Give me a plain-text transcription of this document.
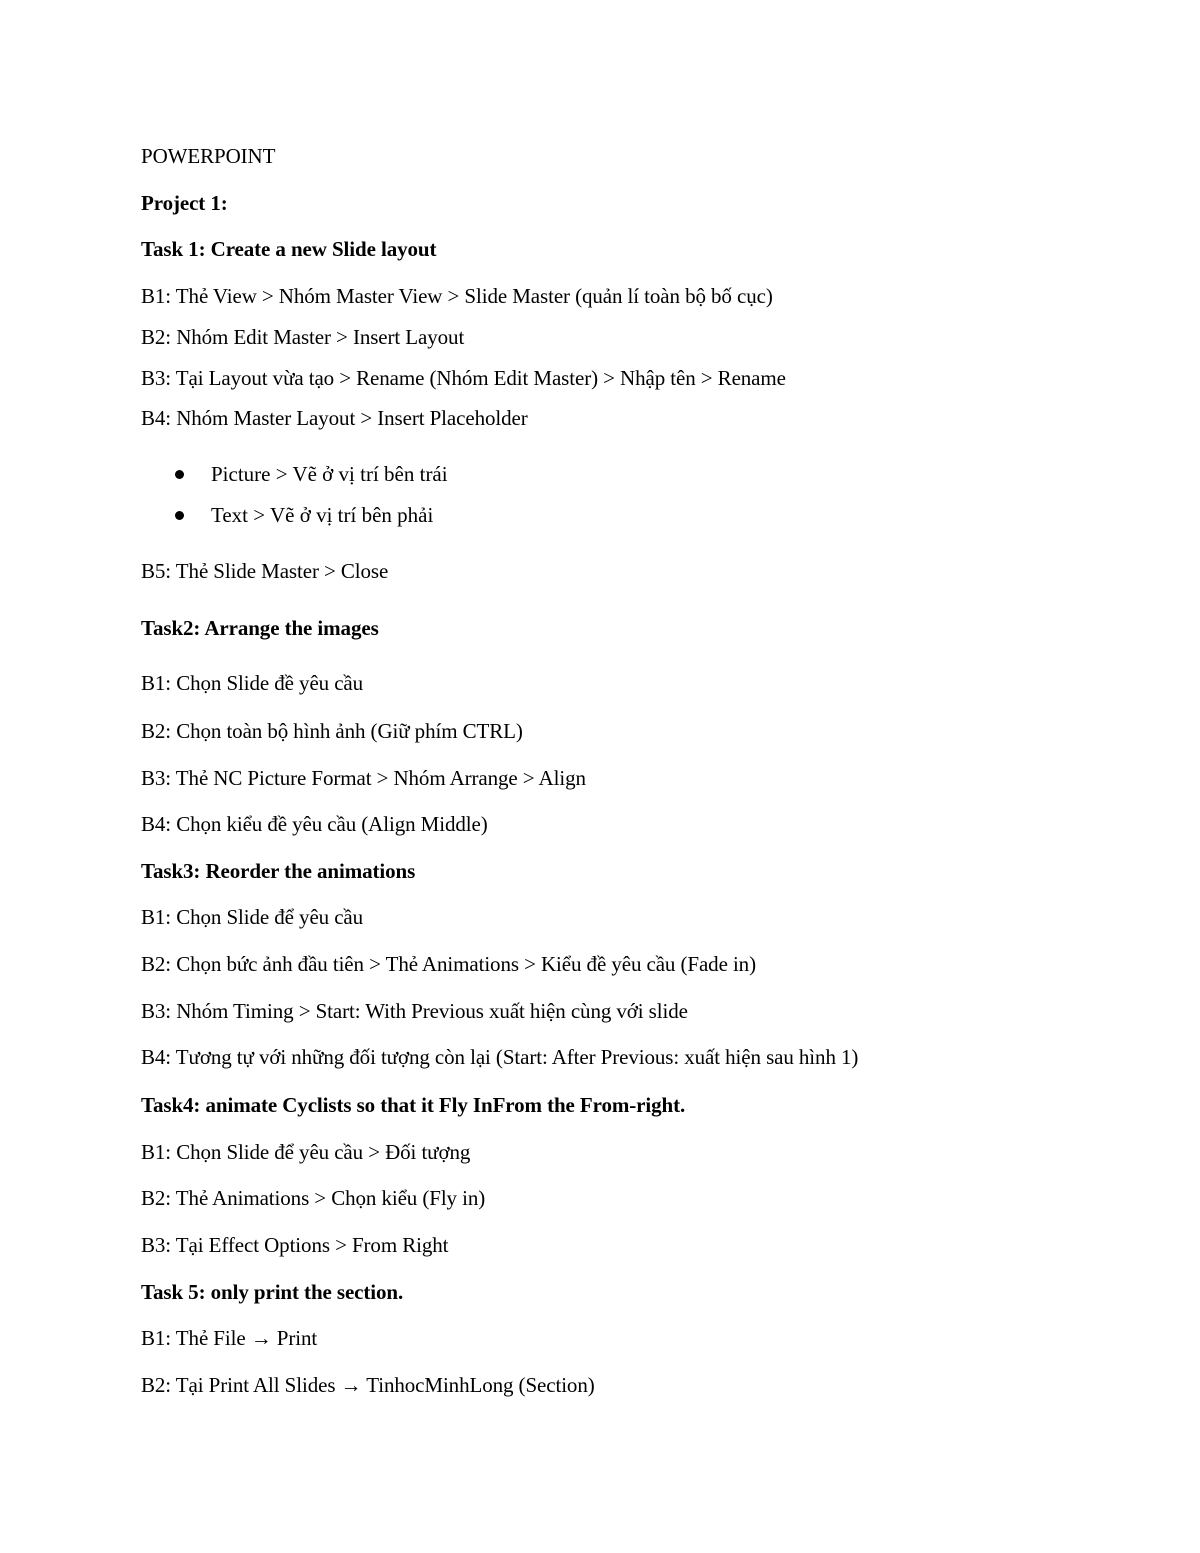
POWERPOINT
Project 1:
Task 1: Create a new Slide layout
B1: Thẻ View > Nhóm Master View > Slide Master (quản lí toàn bộ bố cục)
B2: Nhóm Edit Master > Insert Layout
B3: Tại Layout vừa tạo > Rename (Nhóm Edit Master) > Nhập tên > Rename
B4: Nhóm Master Layout > Insert Placeholder
Picture > Vẽ ở vị trí bên trái
Text > Vẽ ở vị trí bên phải
B5: Thẻ Slide Master > Close
Task2: Arrange the images
B1: Chọn Slide đề yêu cầu
B2: Chọn toàn bộ hình ảnh (Giữ phím CTRL)
B3: Thẻ NC Picture Format > Nhóm Arrange > Align
B4: Chọn kiểu đề yêu cầu (Align Middle)
Task3: Reorder the animations
B1: Chọn Slide để yêu cầu
B2: Chọn bức ảnh đầu tiên > Thẻ Animations > Kiểu đề yêu cầu (Fade in)
B3: Nhóm Timing > Start: With Previous xuất hiện cùng với slide
B4: Tương tự với những đối tượng còn lại (Start: After Previous: xuất hiện sau hình 1)
Task4: animate Cyclists so that it Fly InFrom the From-right.
B1: Chọn Slide để yêu cầu > Đối tượng
B2: Thẻ Animations > Chọn kiểu (Fly in)
B3: Tại Effect Options > From Right
Task 5: only print the section.
B1: Thẻ File → Print
B2: Tại Print All Slides → TinhocMinhLong (Section)
